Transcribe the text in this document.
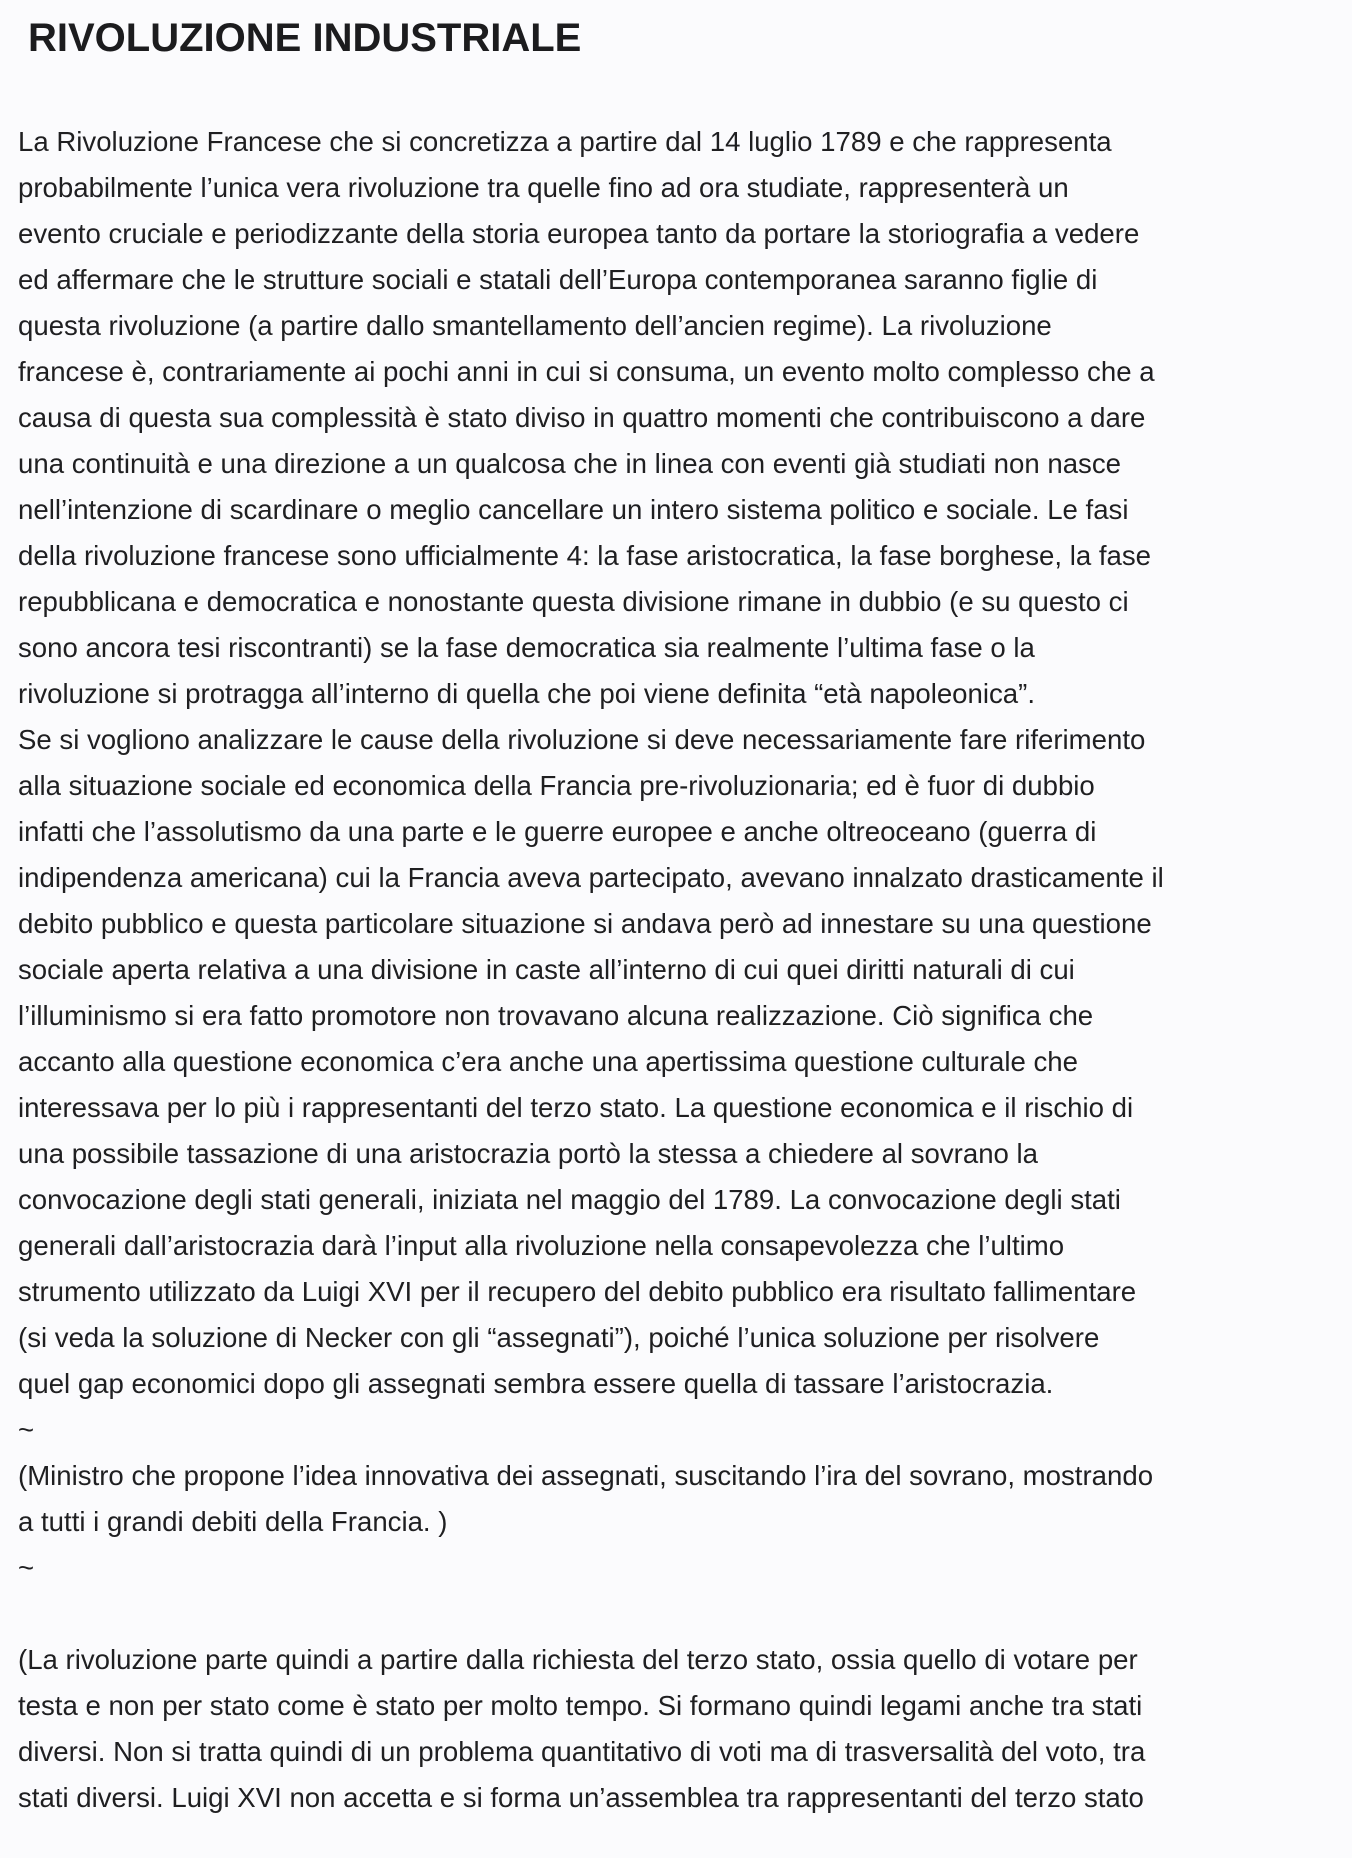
RIVOLUZIONE INDUSTRIALE
La Rivoluzione Francese che si concretizza a partire dal 14 luglio 1789 e che rappresenta
probabilmente l’unica vera rivoluzione tra quelle fino ad ora studiate, rappresenterà un
evento cruciale e periodizzante della storia europea tanto da portare la storiografia a vedere
ed affermare che le strutture sociali e statali dell’Europa contemporanea saranno figlie di
questa rivoluzione (a partire dallo smantellamento dell’ancien regime). La rivoluzione
francese è, contrariamente ai pochi anni in cui si consuma, un evento molto complesso che a
causa di questa sua complessità è stato diviso in quattro momenti che contribuiscono a dare
una continuità e una direzione a un qualcosa che in linea con eventi già studiati non nasce
nell’intenzione di scardinare o meglio cancellare un intero sistema politico e sociale. Le fasi
della rivoluzione francese sono ufficialmente 4: la fase aristocratica, la fase borghese, la fase
repubblicana e democratica e nonostante questa divisione rimane in dubbio (e su questo ci
sono ancora tesi riscontranti) se la fase democratica sia realmente l’ultima fase o la
rivoluzione si protragga all’interno di quella che poi viene definita “età napoleonica”.
Se si vogliono analizzare le cause della rivoluzione si deve necessariamente fare riferimento
alla situazione sociale ed economica della Francia pre-rivoluzionaria; ed è fuor di dubbio
infatti che l’assolutismo da una parte e le guerre europee e anche oltreoceano (guerra di
indipendenza americana) cui la Francia aveva partecipato, avevano innalzato drasticamente il
debito pubblico e questa particolare situazione si andava però ad innestare su una questione
sociale aperta relativa a una divisione in caste all’interno di cui quei diritti naturali di cui
l’illuminismo si era fatto promotore non trovavano alcuna realizzazione. Ciò significa che
accanto alla questione economica c’era anche una apertissima questione culturale che
interessava per lo più i rappresentanti del terzo stato. La questione economica e il rischio di
una possibile tassazione di una aristocrazia portò la stessa a chiedere al sovrano la
convocazione degli stati generali, iniziata nel maggio del 1789. La convocazione degli stati
generali dall’aristocrazia darà l’input alla rivoluzione nella consapevolezza che l’ultimo
strumento utilizzato da Luigi XVI per il recupero del debito pubblico era risultato fallimentare
(si veda la soluzione di Necker con gli “assegnati”), poiché l’unica soluzione per risolvere
quel gap economici dopo gli assegnati sembra essere quella di tassare l’aristocrazia.
~
(Ministro che propone l’idea innovativa dei assegnati, suscitando l’ira del sovrano, mostrando
a tutti i grandi debiti della Francia. )
~
(La rivoluzione parte quindi a partire dalla richiesta del terzo stato, ossia quello di votare per
testa e non per stato come è stato per molto tempo. Si formano quindi legami anche tra stati
diversi. Non si tratta quindi di un problema quantitativo di voti ma di trasversalità del voto, tra
stati diversi. Luigi XVI non accetta e si forma un’assemblea tra rappresentanti del terzo stato
